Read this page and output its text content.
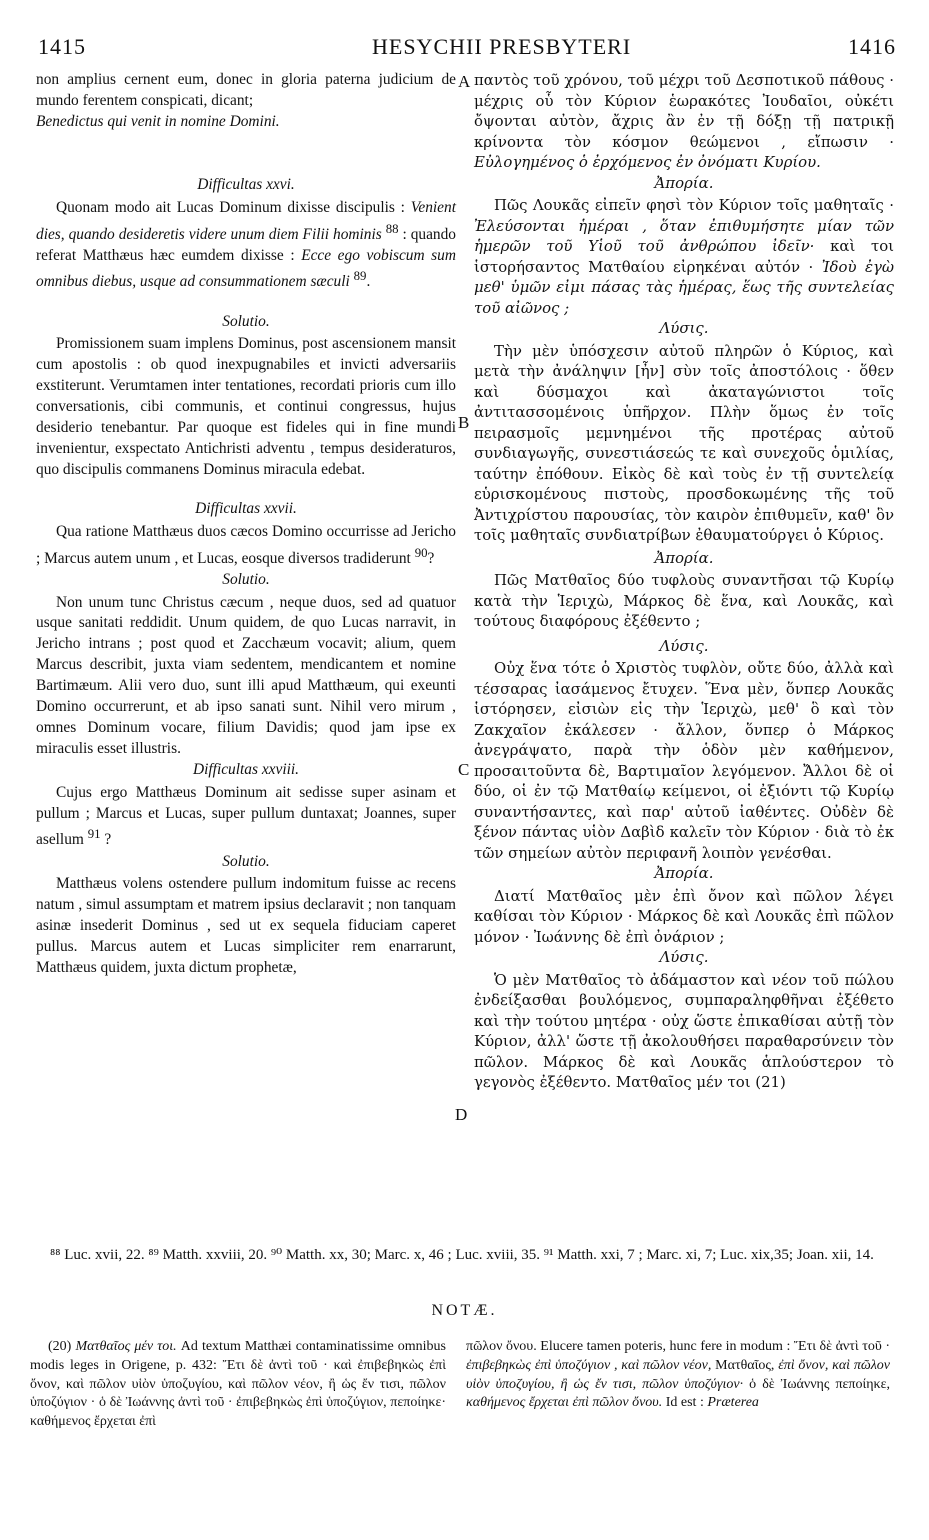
1415	HESYCHII PRESBYTERI	1416
A
B
C
D

non amplius cernent eum, donec in gloria paterna judicium de mundo ferentem conspicati, dicant;
Benedictus qui venit in nomine Domini.

Difficultas xxvi.

Quonam modo ait Lucas Dominum dixisse discipulis : Venient dies, quando desideretis videre unum diem Filii hominis $^{88}$ : quando referat Matthæus hæc eumdem dixisse : Ecce ego vobiscum sum omnibus diebus, usque ad consummationem sæculi $^{89}$.

Solutio.

Promissionem suam implens Dominus, post ascensionem mansit cum apostolis : ob quod inexpugnabiles et invicti adversariis exstiterunt. Verumtamen inter tentationes, recordati prioris cum illo conversationis, cibi communis, et continui congressus, hujus desiderio tenebantur. Par quoque est fideles qui in fine mundi invenientur, exspectato Antichristi adventu , tempus desideraturos, quo discipulis commanens Dominus miracula edebat.

Difficultas xxvii.

Qua ratione Matthæus duos cæcos Domino occurrisse ad Jericho ; Marcus autem unum , et Lucas, eosque diversos tradiderunt $^{90}$?

Solutio.

Non unum tunc Christus cæcum , neque duos, sed ad quatuor usque sanitati reddidit. Unum quidem, de quo Lucas narravit, in Jericho intrans ; post quod et Zacchæum vocavit; alium, quem Marcus describit, juxta viam sedentem, mendicantem et nomine Bartimæum. Alii vero duo, sunt illi apud Matthæum, qui exeunti Domino occurrerunt, et ab ipso sanati sunt. Nihil vero mirum , omnes Dominum vocare, filium Davidis; quod jam ipse ex miraculis esset illustris.

Difficultas xxviii.

Cujus ergo Matthæus Dominum ait sedisse super asinam et pullum ; Marcus et Lucas, super pullum duntaxat; Joannes, super asellum $^{91}$ ?

Solutio.

Matthæus volens ostendere pullum indomitum fuisse ac recens natum , simul assumptam et matrem ipsius declaravit ; non tanquam asinæ insederit Dominus , sed ut ex sequela fiduciam caperet pullus. Marcus autem et Lucas simpliciter rem enarrarunt, Matthæus quidem, juxta dictum prophetæ,

παντὸς τοῦ χρόνου, τοῦ μέχρι τοῦ Δεσποτικοῦ πάθους · μέχρις οὗ τὸν Κύριον ἑωρακότες Ἰουδαῖοι, οὐκέτι ὄψονται αὐτὸν, ἄχρις ἂν ἐν τῇ δόξῃ τῇ πατρικῇ κρίνοντα τὸν κόσμον θεώμενοι , εἴπωσιν · Εὐλογημένος ὁ ἐρχόμενος ἐν ὀνόματι Κυρίου.

Ἀπορία.

Πῶς Λουκᾶς εἰπεῖν φησὶ τὸν Κύριον τοῖς μαθηταῖς · Ἐλεύσονται ἡμέραι , ὅταν ἐπιθυμήσητε μίαν τῶν ἡμερῶν τοῦ Υἱοῦ τοῦ ἀνθρώπου ἰδεῖν· καὶ τοι ἱστορήσαντος Ματθαίου εἰρηκέναι αὐτόν · Ἰδοὺ ἐγὼ μεθ' ὑμῶν εἰμι πάσας τὰς ἡμέρας, ἕως τῆς συντελείας τοῦ αἰῶνος ;

Λύσις.

Τὴν μὲν ὑπόσχεσιν αὐτοῦ πληρῶν ὁ Κύριος, καὶ μετὰ τὴν ἀνάληψιν [ἦν] σὺν τοῖς ἀποστόλοις · ὅθεν καὶ δύσμαχοι καὶ ἀκαταγώνιστοι τοῖς ἀντιτασσομένοις ὑπῆρχον. Πλὴν ὅμως ἐν τοῖς πειρασμοῖς μεμνημένοι τῆς προτέρας αὐτοῦ συνδιαγωγῆς, συνεστιάσεώς τε καὶ συνεχοῦς ὁμιλίας, ταύτην ἐπόθουν. Εἰκὸς δὲ καὶ τοὺς ἐν τῇ συντελείᾳ εὑρισκομένους πιστοὺς, προσδοκωμένης τῆς τοῦ Ἀντιχρίστου παρουσίας, τὸν καιρὸν ἐπιθυμεῖν, καθ' ὃν τοῖς μαθηταῖς συνδιατρίβων ἐθαυματούργει ὁ Κύριος.

Ἀπορία.

Πῶς Ματθαῖος δύο τυφλοὺς συναντῆσαι τῷ Κυρίῳ κατὰ τὴν Ἱεριχὼ, Μάρκος δὲ ἕνα, καὶ Λουκᾶς, καὶ τούτους διαφόρους ἐξέθεντο ;

Λύσις.

Οὐχ ἕνα τότε ὁ Χριστὸς τυφλὸν, οὔτε δύο, ἀλλὰ καὶ τέσσαρας ἰασάμενος ἔτυχεν. Ἕνα μὲν, ὅνπερ Λουκᾶς ἱστόρησεν, εἰσιὼν εἰς τὴν Ἱεριχὼ, μεθ' ὃ καὶ τὸν Ζακχαῖον ἐκάλεσεν · ἄλλον, ὅνπερ ὁ Μάρκος ἀνεγράψατο, παρὰ τὴν ὁδὸν μὲν καθήμενον, προσαιτοῦντα δὲ, Βαρτιμαῖον λεγόμενον. Ἄλλοι δὲ οἱ δύο, οἱ ἐν τῷ Ματθαίῳ κείμενοι, οἱ ἐξιόντι τῷ Κυρίῳ συναντήσαντες, καὶ παρ' αὐτοῦ ἰαθέντες. Οὐδὲν δὲ ξένον πάντας υἱὸν Δαβὶδ καλεῖν τὸν Κύριον · διὰ τὸ ἐκ τῶν σημείων αὐτὸν περιφανῆ λοιπὸν γενέσθαι.

Ἀπορία.

Διατί Ματθαῖος μὲν ἐπὶ ὄνον καὶ πῶλον λέγει καθίσαι τὸν Κύριον · Μάρκος δὲ καὶ Λουκᾶς ἐπὶ πῶλον μόνον · Ἰωάννης δὲ ἐπὶ ὀνάριον ;

Λύσις.

Ὁ μὲν Ματθαῖος τὸ ἀδάμαστον καὶ νέον τοῦ πώλου ἐνδείξασθαι βουλόμενος, συμπαραληφθῆναι ἐξέθετο καὶ τὴν τούτου μητέρα · οὐχ ὥστε ἐπικαθίσαι αὐτῇ τὸν Κύριον, ἀλλ' ὥστε τῇ ἀκολουθήσει παραθαρσύνειν τὸν πῶλον. Μάρκος δὲ καὶ Λουκᾶς ἁπλούστερον τὸ γεγονὸς ἐξέθεντο. Ματθαῖος μέν τοι (21)

⁸⁸ Luc. xvii, 22. ⁸⁹ Matth. xxviii, 20. ⁹⁰ Matth. xx, 30; Marc. x, 46 ; Luc. xviii, 35. ⁹¹ Matth. xxi, 7 ; Marc. xi, 7; Luc. xix,35; Joan. xii, 14.

NOTÆ.

(20) Ματθαῖος μέν τοι. Ad textum Matthæi contaminatissime omnibus modis leges in Origene, p. 432: Ἔτι δὲ ἀντὶ τοῦ · καὶ ἐπιβεβηκὼς ἐπὶ ὄνον, καὶ πῶλον υἱὸν ὑποζυγίου, καὶ πῶλον νέον, ἢ ὡς ἔν τισι, πῶλον ὑποζύγιον · ὁ δὲ Ἰωάννης ἀντὶ τοῦ · ἐπιβεβηκὼς ἐπὶ ὑποζύγιον, πεποίηκε· καθήμενος ἔρχεται ἐπὶ

πῶλον ὄνου. Elucere tamen poteris, hunc fere in modum : Ἔτι δὲ ἀντὶ τοῦ · ἐπιβεβηκὼς ἐπὶ ὑποζύγιον , καὶ πῶλον νέον, Ματθαῖος, ἐπὶ ὄνον, καὶ πῶλον υἱὸν ὑποζυγίου, ἢ ὡς ἔν τισι, πῶλον ὑποζύγιον· ὁ δὲ Ἰωάννης πεποίηκε, καθήμενος ἔρχεται ἐπὶ πῶλον ὄνου. Id est : Præterea
